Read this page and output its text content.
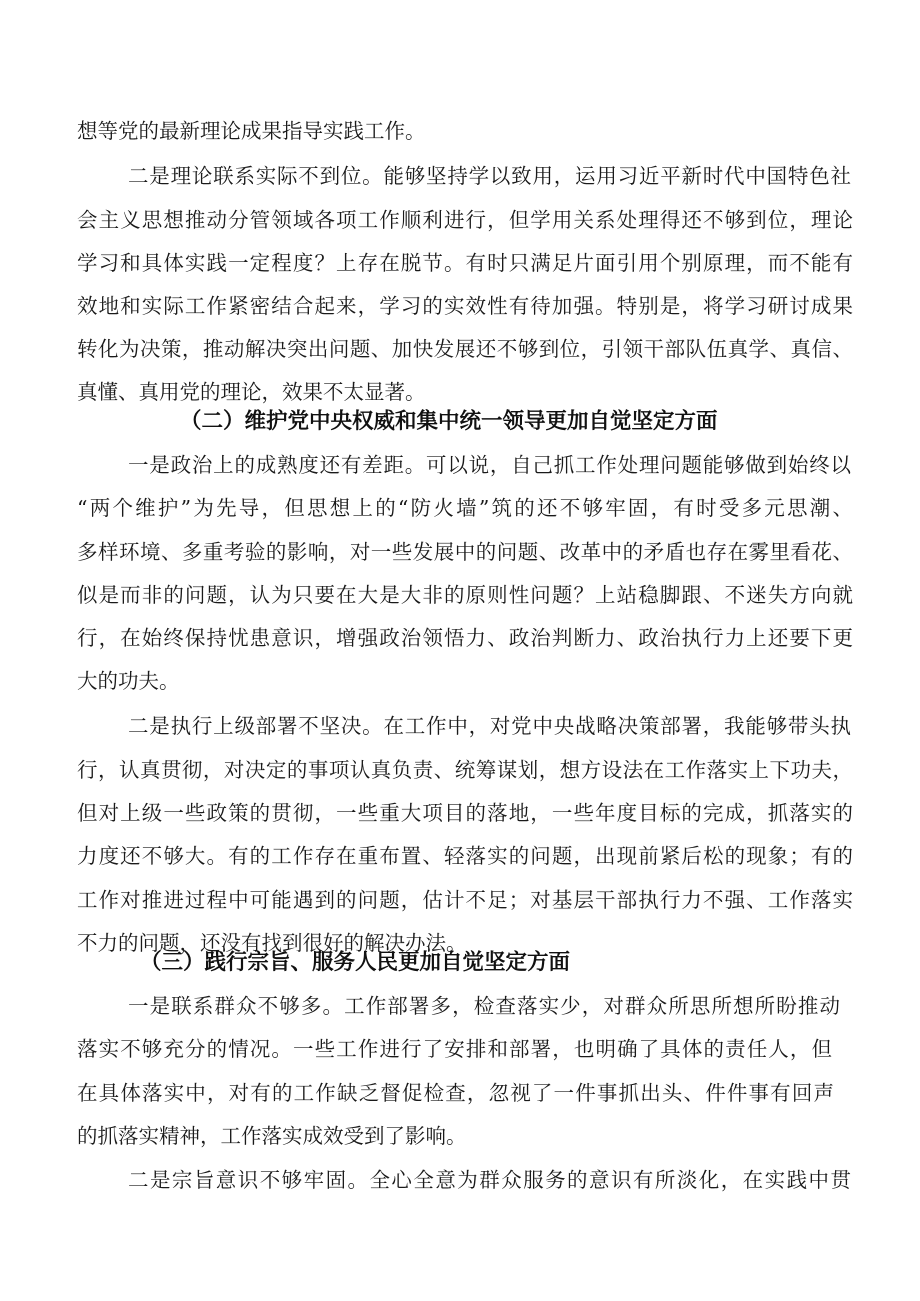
想等党的最新理论成果指导实践工作。
二是理论联系实际不到位。能够坚持学以致用，运用习近平新时代中国特色社
会主义思想推动分管领域各项工作顺利进行，但学用关系处理得还不够到位，理论
学习和具体实践一定程度？上存在脱节。有时只满足片面引用个别原理，而不能有
效地和实际工作紧密结合起来，学习的实效性有待加强。特别是，将学习研讨成果
转化为决策，推动解决突出问题、加快发展还不够到位，引领干部队伍真学、真信、
真懂、真用党的理论，效果不太显著。
（二）维护党中央权威和集中统一领导更加自觉坚定方面
一是政治上的成熟度还有差距。可以说，自己抓工作处理问题能够做到始终以
“两个维护”为先导，但思想上的“防火墙”筑的还不够牢固，有时受多元思潮、
多样环境、多重考验的影响，对一些发展中的问题、改革中的矛盾也存在雾里看花、
似是而非的问题，认为只要在大是大非的原则性问题？上站稳脚跟、不迷失方向就
行，在始终保持忧患意识，增强政治领悟力、政治判断力、政治执行力上还要下更
大的功夫。
二是执行上级部署不坚决。在工作中，对党中央战略决策部署，我能够带头执
行，认真贯彻，对决定的事项认真负责、统筹谋划，想方设法在工作落实上下功夫，
但对上级一些政策的贯彻，一些重大项目的落地，一些年度目标的完成，抓落实的
力度还不够大。有的工作存在重布置、轻落实的问题，出现前紧后松的现象；有的
工作对推进过程中可能遇到的问题，估计不足；对基层干部执行力不强、工作落实
不力的问题，还没有找到很好的解决办法。
（三）践行宗旨、服务人民更加自觉坚定方面
一是联系群众不够多。工作部署多，检查落实少，对群众所思所想所盼推动
落实不够充分的情况。一些工作进行了安排和部署，也明确了具体的责任人，但
在具体落实中，对有的工作缺乏督促检查，忽视了一件事抓出头、件件事有回声
的抓落实精神，工作落实成效受到了影响。
二是宗旨意识不够牢固。全心全意为群众服务的意识有所淡化，在实践中贯
